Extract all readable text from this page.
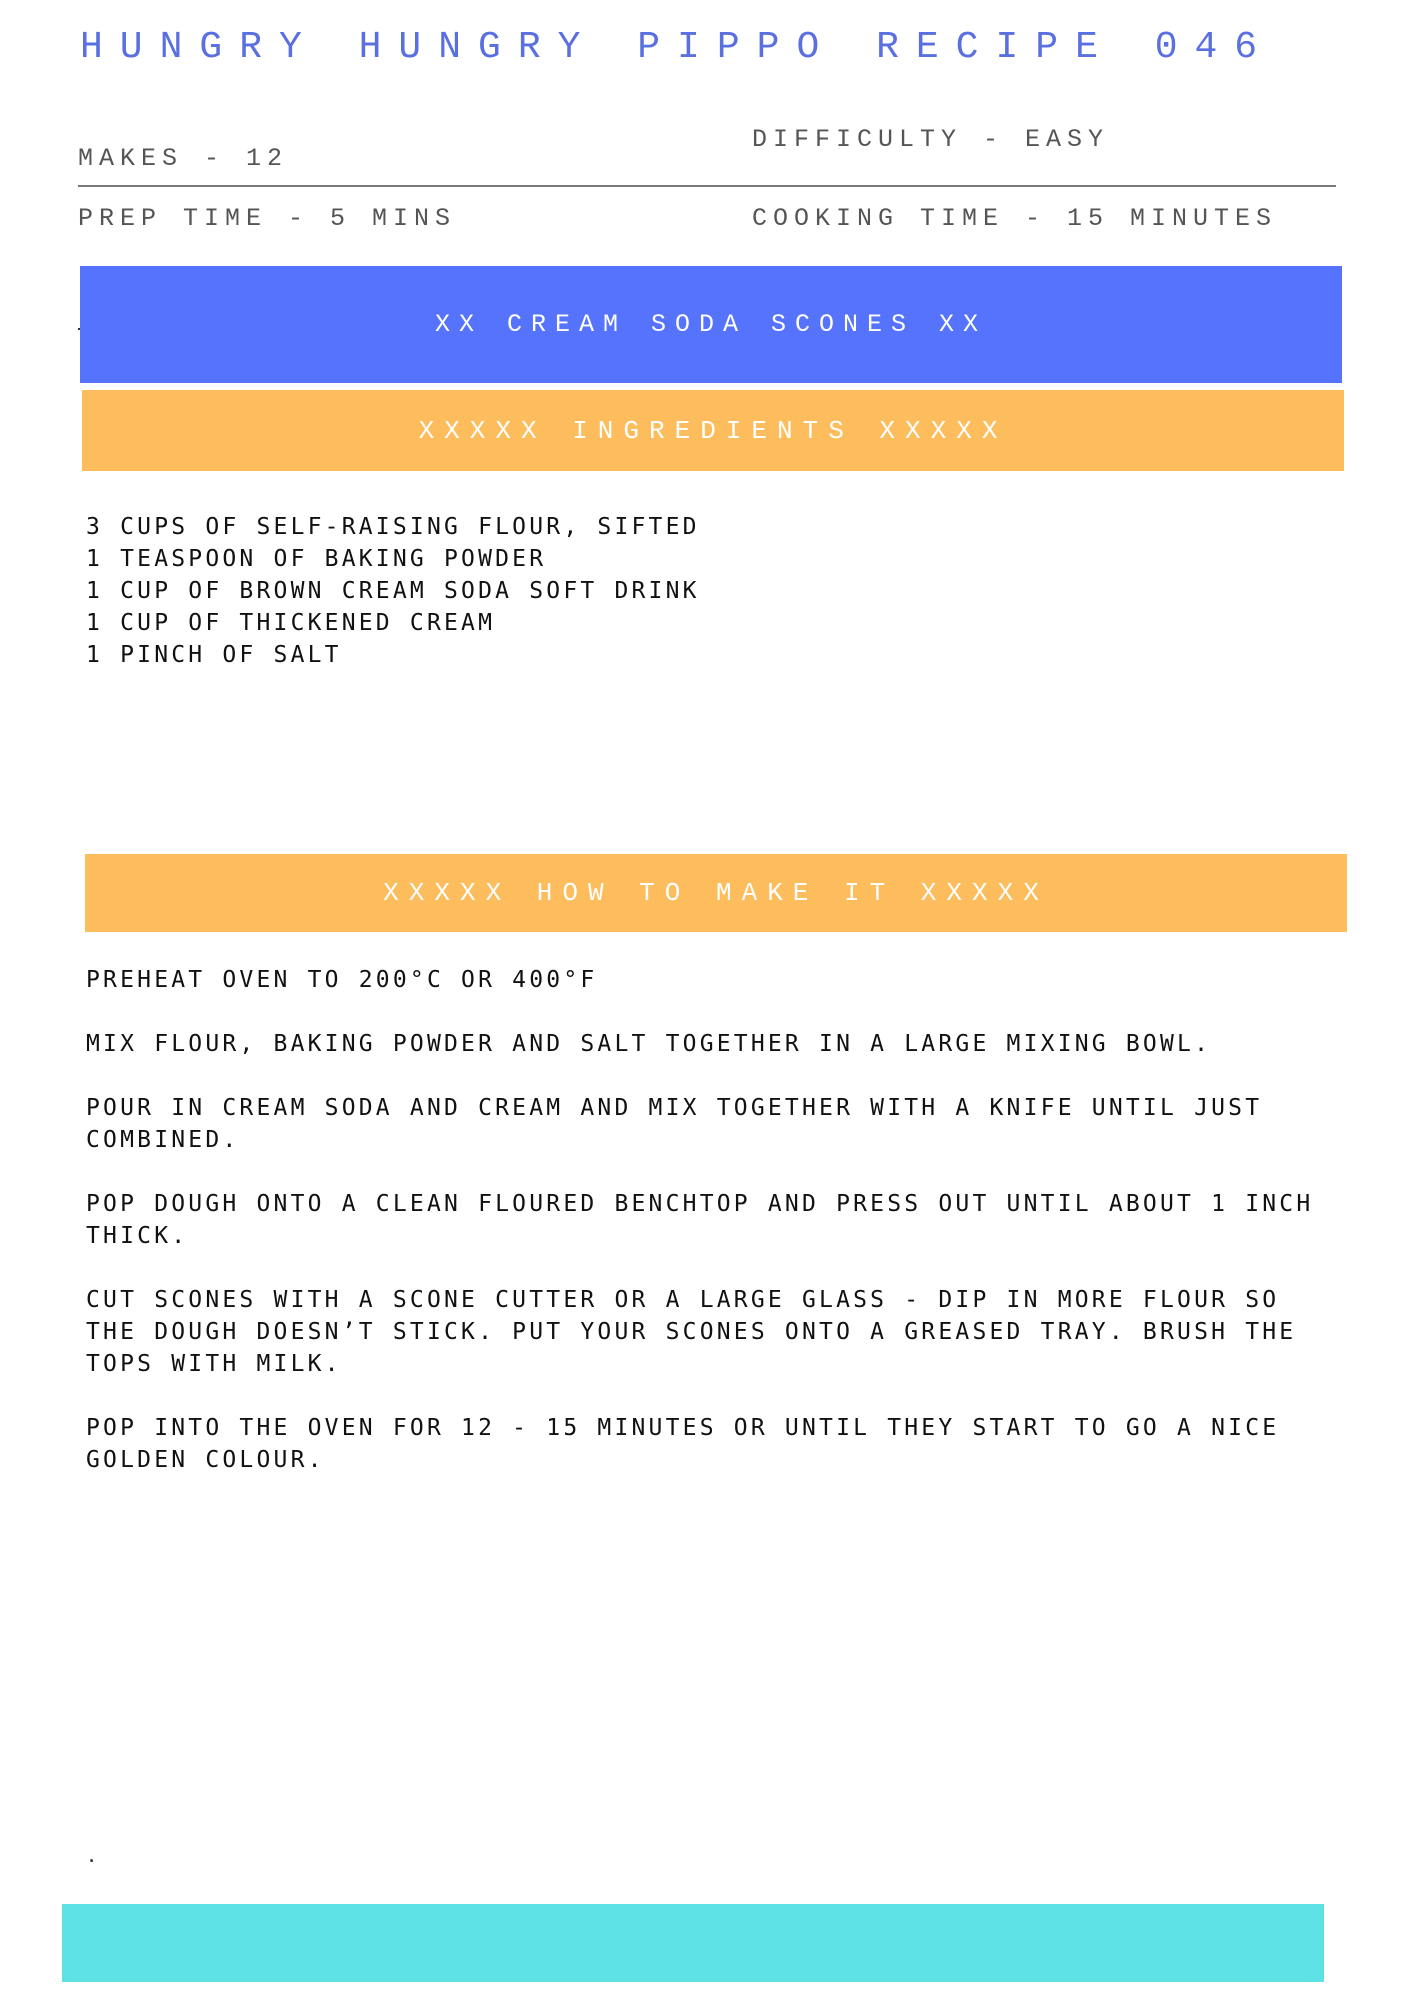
HUNGRY HUNGRY PIPPO RECIPE 046
MAKES - 12
DIFFICULTY - EASY
PREP TIME - 5 MINS	COOKING TIME - 15 MINUTES
XX CREAM SODA SCONES XX
XXXXX INGREDIENTS XXXXX
3 CUPS OF SELF-RAISING FLOUR, SIFTED
1 TEASPOON OF BAKING POWDER
1 CUP OF BROWN CREAM SODA SOFT DRINK
1 CUP OF THICKENED CREAM
1 PINCH OF SALT
XXXXX HOW TO MAKE IT XXXXX

PREHEAT OVEN TO 200°C OR 400°F

MIX FLOUR, BAKING POWDER AND SALT TOGETHER IN A LARGE MIXING BOWL.

POUR IN CREAM SODA AND CREAM AND MIX TOGETHER WITH A KNIFE UNTIL JUST COMBINED.

POP DOUGH ONTO A CLEAN FLOURED BENCHTOP AND PRESS OUT UNTIL ABOUT 1 INCH THICK.

CUT SCONES WITH A SCONE CUTTER OR A LARGE GLASS - DIP IN MORE FLOUR SO THE DOUGH DOESN’T STICK. PUT YOUR SCONES ONTO A GREASED TRAY. BRUSH THE TOPS WITH MILK.

POP INTO THE OVEN FOR 12 - 15 MINUTES OR UNTIL THEY START TO GO A NICE GOLDEN COLOUR.

.
